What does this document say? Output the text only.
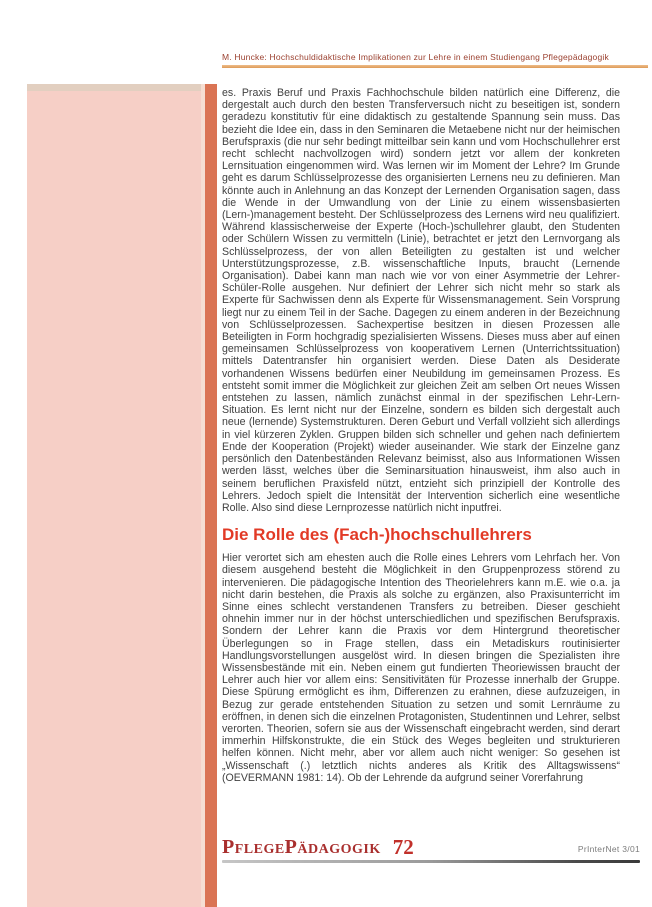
M. Huncke: Hochschuldidaktische Implikationen zur Lehre in einem Studiengang Pflegepädagogik

es. Praxis Beruf und Praxis Fachhochschule bilden natürlich eine Differenz, die dergestalt auch durch den besten Transferversuch nicht zu beseitigen ist, sondern geradezu konstitutiv für eine didaktisch zu gestaltende Spannung sein muss. Das bezieht die Idee ein, dass in den Seminaren die Metaebene nicht nur der heimischen Berufspraxis (die nur sehr bedingt mitteilbar sein kann und vom Hochschullehrer erst recht schlecht nachvollzogen wird) sondern jetzt vor allem der konkreten Lernsituation eingenommen wird. Was lernen wir im Moment der Lehre? Im Grunde geht es darum Schlüsselprozesse des organisierten Lernens neu zu definieren. Man könnte auch in Anlehnung an das Konzept der Lernenden Organisation sagen, dass die Wende in der Umwandlung von der Linie zu einem wissensbasierten (Lern-)management besteht. Der Schlüsselprozess des Lernens wird neu qualifiziert. Während klassischerweise der Experte (Hoch-)schullehrer glaubt, den Studenten oder Schülern Wissen zu vermitteln (Linie), betrachtet er jetzt den Lernvorgang als Schlüsselprozess, der von allen Beteiligten zu gestalten ist und welcher Unterstützungsprozesse, z.B. wissenschaftliche Inputs, braucht (Lernende Organisation). Dabei kann man nach wie vor von einer Asymmetrie der Lehrer-Schüler-Rolle ausgehen. Nur definiert der Lehrer sich nicht mehr so stark als Experte für Sachwissen denn als Experte für Wissensmanagement. Sein Vorsprung liegt nur zu einem Teil in der Sache. Dagegen zu einem anderen in der Bezeichnung von Schlüsselprozessen. Sachexpertise besitzen in diesen Prozessen alle Beteiligten in Form hochgradig spezialisierten Wissens. Dieses muss aber auf einen gemeinsamen Schlüsselprozess von kooperativem Lernen (Unterrichtssituation) mittels Datentransfer hin organisiert werden. Diese Daten als Desiderate vorhandenen Wissens bedürfen einer Neubildung im gemeinsamen Prozess. Es entsteht somit immer die Möglichkeit zur gleichen Zeit am selben Ort neues Wissen entstehen zu lassen, nämlich zunächst einmal in der spezifischen Lehr-Lern-Situation. Es lernt nicht nur der Einzelne, sondern es bilden sich dergestalt auch neue (lernende) Systemstrukturen. Deren Geburt und Verfall vollzieht sich allerdings in viel kürzeren Zyklen. Gruppen bilden sich schneller und gehen nach definiertem Ende der Kooperation (Projekt) wieder auseinander. Wie stark der Einzelne ganz persönlich den Datenbeständen Relevanz beimisst, also aus Informationen Wissen werden lässt, welches über die Seminarsituation hinausweist, ihm also auch in seinem beruflichen Praxisfeld nützt, entzieht sich prinzipiell der Kontrolle des Lehrers. Jedoch spielt die Intensität der Intervention sicherlich eine wesentliche Rolle. Also sind diese Lernprozesse natürlich nicht inputfrei.

Die Rolle des (Fach-)hochschullehrers

Hier verortet sich am ehesten auch die Rolle eines Lehrers vom Lehrfach her. Von diesem ausgehend besteht die Möglichkeit in den Gruppenprozess störend zu intervenieren. Die pädagogische Intention des Theorielehrers kann m.E. wie o.a. ja nicht darin bestehen, die Praxis als solche zu ergänzen, also Praxisunterricht im Sinne eines schlecht verstandenen Transfers zu betreiben. Dieser geschieht ohnehin immer nur in der höchst unterschiedlichen und spezifischen Berufspraxis. Sondern der Lehrer kann die Praxis vor dem Hintergrund theoretischer Überlegungen so in Frage stellen, dass ein Metadiskurs routinisierter Handlungsvorstellungen ausgelöst wird. In diesen bringen die Spezialisten ihre Wissensbestände mit ein. Neben einem gut fundierten Theoriewissen braucht der Lehrer auch hier vor allem eins: Sensitivitäten für Prozesse innerhalb der Gruppe. Diese Spürung ermöglicht es ihm, Differenzen zu erahnen, diese aufzuzeigen, in Bezug zur gerade entstehenden Situation zu setzen und somit Lernräume zu eröffnen, in denen sich die einzelnen Protagonisten, Studentinnen und Lehrer, selbst verorten. Theorien, sofern sie aus der Wissenschaft eingebracht werden, sind derart immerhin Hilfskonstrukte, die ein Stück des Weges begleiten und strukturieren helfen können. Nicht mehr, aber vor allem auch nicht weniger: So gesehen ist „Wissenschaft (.) letztlich nichts anderes als Kritik des Alltagswissens“ (OEVERMANN 1981: 14). Ob der Lehrende da aufgrund seiner Vorerfahrung

PflegePädagogik 72	PrInterNet 3/01
